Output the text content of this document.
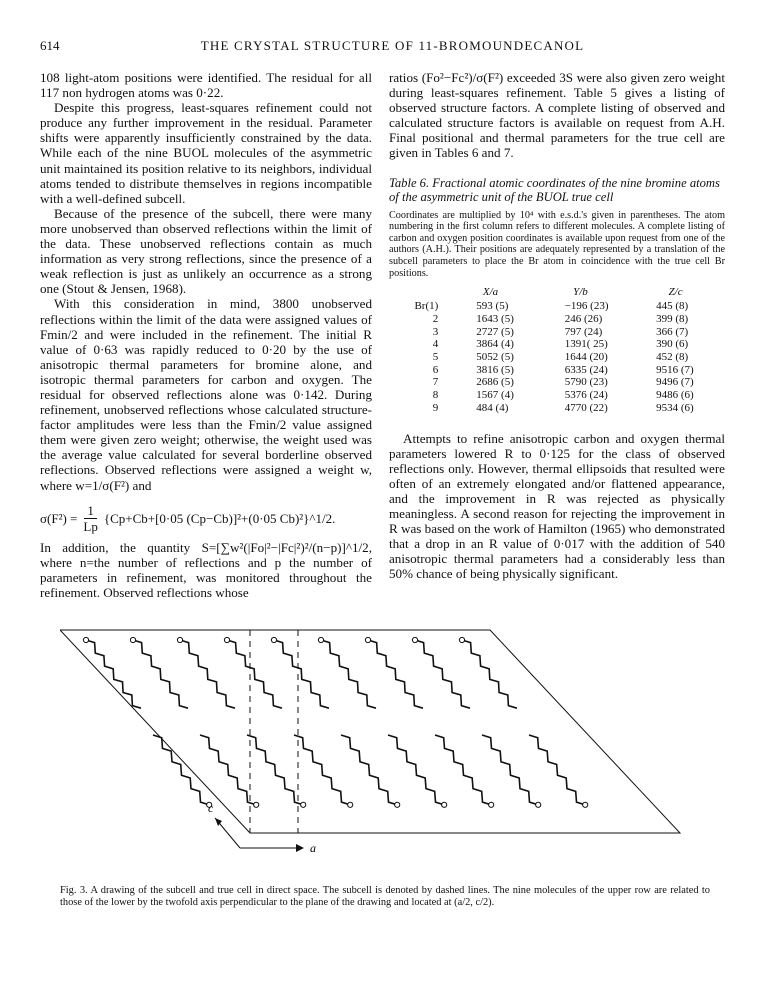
614	THE CRYSTAL STRUCTURE OF 11-BROMOUNDECANOL

108 light-atom positions were identified. The residual for all 117 non hydrogen atoms was 0·22.

Despite this progress, least-squares refinement could not produce any further improvement in the residual. Parameter shifts were apparently insufficiently constrained by the data. While each of the nine BUOL molecules of the asymmetric unit maintained its position relative to its neighbors, individual atoms tended to distribute themselves in regions incompatible with a well-defined subcell.

Because of the presence of the subcell, there were many more unobserved than observed reflections within the limit of the data. These unobserved reflections contain as much information as very strong reflections, since the presence of a weak reflection is just as unlikely an occurrence as a strong one (Stout & Jensen, 1968).

With this consideration in mind, 3800 unobserved reflections within the limit of the data were assigned values of Fmin/2 and were included in the refinement. The initial R value of 0·63 was rapidly reduced to 0·20 by the use of anisotropic thermal parameters for bromine alone, and isotropic thermal parameters for carbon and oxygen. The residual for observed reflections alone was 0·142. During refinement, unobserved reflections whose calculated structure-factor amplitudes were less than the Fmin/2 value assigned them were given zero weight; otherwise, the weight used was the average value calculated for several borderline observed reflections. Observed reflections were assigned a weight w, where w=1/σ(F²) and

$\sigma(F^2) = \frac{1}{Lp} \{Cp+Cb+[0\cdot 05$ (Cp−Cb)]²+(0·05 Cb)²}^1/2.

In addition, the quantity S=[∑w²(|Fo|²−|Fc|²)²/(n−p)]^1/2, where n=the number of reflections and p the number of parameters in refinement, was monitored throughout the refinement. Observed reflections whose

ratios (Fo²−Fc²)/σ(F²) exceeded 3S were also given zero weight during least-squares refinement. Table 5 gives a listing of observed structure factors. A complete listing of observed and calculated structure factors is available on request from A.H. Final positional and thermal parameters for the true cell are given in Tables 6 and 7.

Table 6. Fractional atomic coordinates of the nine bromine atoms of the asymmetric unit of the BUOL true cell
Coordinates are multiplied by 10⁴ with e.s.d.'s given in parentheses. The atom numbering in the first column refers to different molecules. A complete listing of carbon and oxygen position coordinates is available upon request from one of the authors (A.H.). Their positions are adequately represented by a translation of the subcell parameters to place the Br atom in coincidence with the true cell Br positions.
	X/a	Y/b	Z/c
Br(1)	593 (5)	−196 (23)	445 (8)
2	1643 (5)	246 (26)	399 (8)
3	2727 (5)	797 (24)	366 (7)
4	3864 (4)	1391( 25)	390 (6)
5	5052 (5)	1644 (20)	452 (8)
6	3816 (5)	6335 (24)	9516 (7)
7	2686 (5)	5790 (23)	9496 (7)
8	1567 (4)	5376 (24)	9486 (6)
9	484 (4)	4770 (22)	9534 (6)

Attempts to refine anisotropic carbon and oxygen thermal parameters lowered R to 0·125 for the class of observed reflections only. However, thermal ellipsoids that resulted were often of an extremely elongated and/or flattened appearance, and the improvement in R was rejected as physically meaningless. A second reason for rejecting the improvement in R was based on the work of Hamilton (1965) who demonstrated that a drop in an R value of 0·017 with the addition of 540 anisotropic thermal parameters had a considerably less than 50% chance of being physically significant.

c
a
Fig. 3. A drawing of the subcell and true cell in direct space. The subcell is denoted by dashed lines. The nine molecules of the upper row are related to those of the lower by the twofold axis perpendicular to the plane of the drawing and located at (a/2, c/2).
